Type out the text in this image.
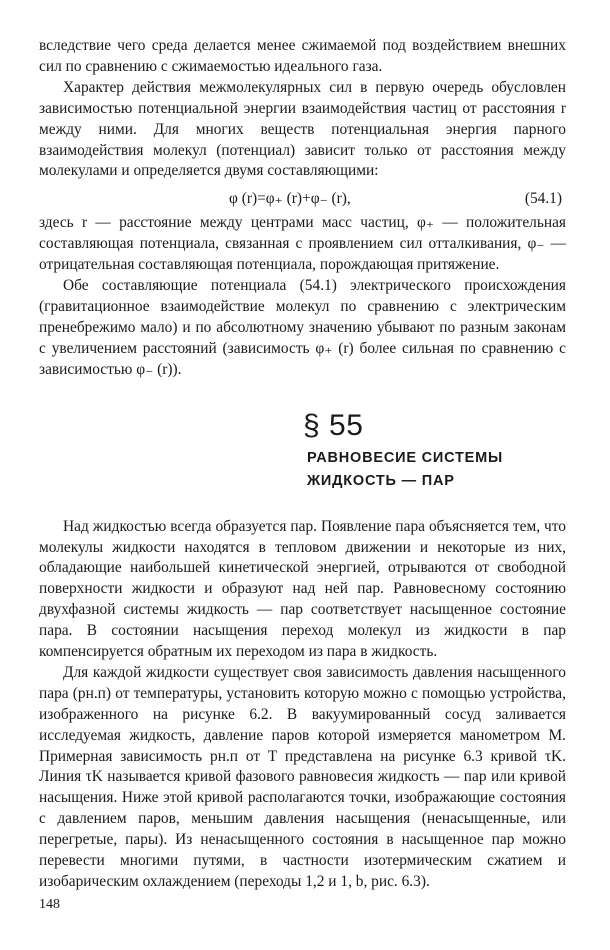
вследствие чего среда делается менее сжимаемой под воздействием внешних сил по сравнению с сжимаемостью идеального газа.

Характер действия межмолекулярных сил в первую очередь обусловлен зависимостью потенциальной энергии взаимодействия частиц от расстояния r между ними. Для многих веществ потенциальная энергия парного взаимодействия молекул (потенциал) зависит только от расстояния между молекулами и определяется двумя составляющими:

φ (r)=φ₊ (r)+φ₋ (r),	(54.1)

здесь r — расстояние между центрами масс частиц, φ₊ — положительная составляющая потенциала, связанная с проявлением сил отталкивания, φ₋ — отрицательная составляющая потенциала, порождающая притяжение.

Обе составляющие потенциала (54.1) электрического происхождения (гравитационное взаимодействие молекул по сравнению с электрическим пренебрежимо мало) и по абсолютному значению убывают по разным законам с увеличением расстояний (зависимость φ₊ (r) более сильная по сравнению с зависимостью φ₋ (r)).

§ 55
РАВНОВЕСИЕ СИСТЕМЫ
ЖИДКОСТЬ — ПАР

Над жидкостью всегда образуется пар. Появление пара объясняется тем, что молекулы жидкости находятся в тепловом движении и некоторые из них, обладающие наибольшей кинетической энергией, отрываются от свободной поверхности жидкости и образуют над ней пар. Равновесному состоянию двухфазной системы жидкость — пар соответствует насыщенное состояние пара. В состоянии насыщения переход молекул из жидкости в пар компенсируется обратным их переходом из пара в жидкость.

Для каждой жидкости существует своя зависимость давления насыщенного пара (pн.п) от температуры, установить которую можно с помощью устройства, изображенного на рисунке 6.2. В вакуумированный сосуд заливается исследуемая жидкость, давление паров которой измеряется манометром М. Примерная зависимость pн.п от T представлена на рисунке 6.3 кривой τK. Линия τK называется кривой фазового равновесия жидкость — пар или кривой насыщения. Ниже этой кривой располагаются точки, изображающие состояния с давлением паров, меньшим давления насыщения (ненасыщенные, или перегретые, пары). Из ненасыщенного состояния в насыщенное пар можно перевести многими путями, в частности изотермическим сжатием и изобарическим охлаждением (переходы 1,2 и 1, b, рис. 6.3).

148
